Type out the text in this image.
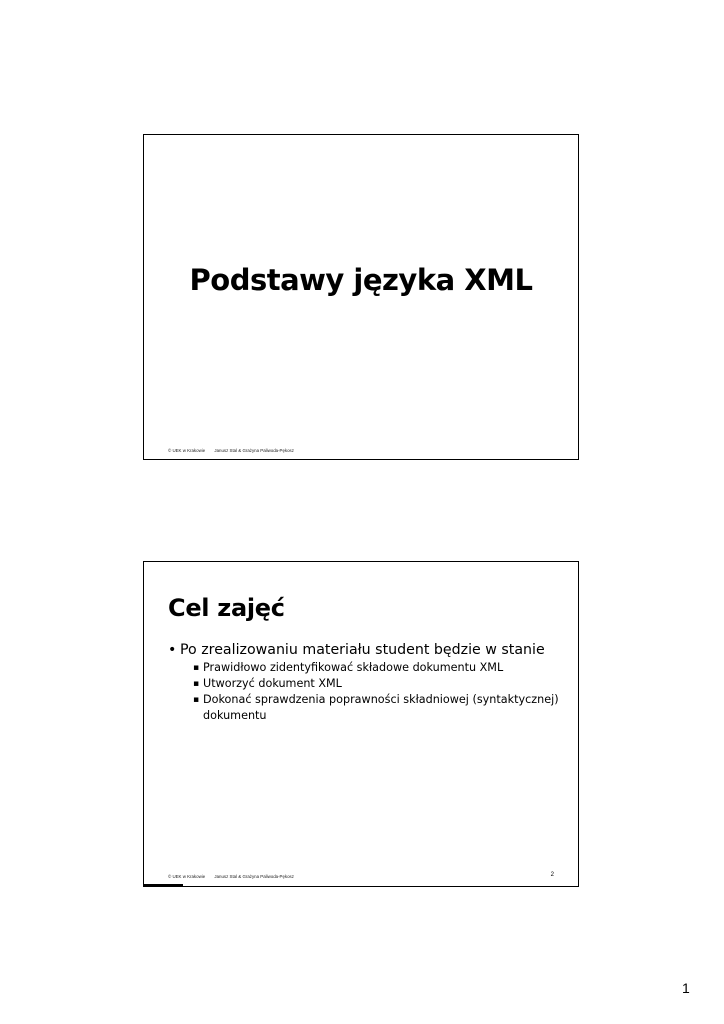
Podstawy języka XML
© UEK w Krakowie Janusz Stal & Grażyna Paliwoda-Pękosz
Cel zajęć
• Po zrealizowaniu materiału student będzie w stanie
▪ Prawidłowo zidentyfikować składowe dokumentu XML
▪ Utworzyć dokument XML
▪ Dokonać sprawdzenia poprawności składniowej (syntaktycznej) dokumentu
© UEK w Krakowie Janusz Stal & Grażyna Paliwoda-Pękosz	2
1
